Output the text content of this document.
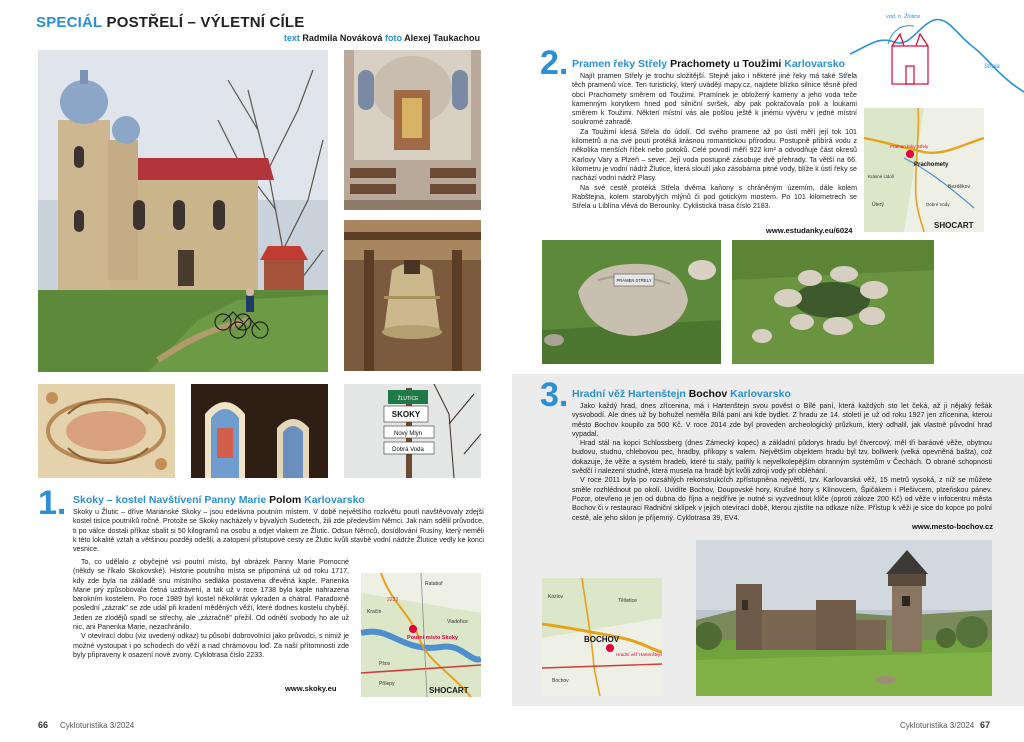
SPECIÁL POSTŘELÍ – VÝLETNÍ CÍLE
text Radmila Nováková foto Alexej Taukachou
SKOKY
Nový Mlýn
Dobrá Voda
ŽLUTICE
1. Skoky – kostel Navštívení Panny Marie Polom Karlovarsko

Skoky u Žlutic – dříve Mariánské Skoky – jsou edelávna poutním místem. V době největšího rozkvětu poutí navštěvovaly zdejší kostel tisíce poutníků ročně. Protože se Skoky nacházely v bývalých Sudetech, žili zde především Němci. Jak nám sdělil průvodce, ti po válce dostali příkaz sbalit si 50 kilogramů na osobu a odjet vlakem ze Žlutic. Odsun Němců, dosídlování Rusíny, který neměli k této lokalitě vztah a většinou později odešli, a zatopení přístupové cesty ze Žlutic kvůli stavbě vodní nádrže Žlutice vedly ke konci vesnice.

To, co udělalo z obyčejné vsi poutní místo, byl obrázek Panny Marie Pomocné (někdy se říkalo Skokovské). Historie poutního místa se připomíná už od roku 1717, kdy zde byla na základě snu místního sedláka postavena dřevěná kaple. Panenka Marie prý způsobovala četná uzdravení, a tak už v roce 1738 byla kaple nahrazena barokním kostelem. Po roce 1989 byl kostel několikrát vykraden a chátral. Paradoxně poslední „zázrak" se zde udál při kradení měděných věží, které dodnes kostelu chybějí. Jeden ze zlodějů spadl se střechy, ale „zázračně" přežil. Od odnětí svobody ho ale už nic, ani Panenka Marie, nezachránilo.

V otevírací dobu (viz uvedený odkaz) tu působí dobrovolníci jako průvodci, s nimiž je možné vystoupat i po schodech do věží a nad chrámovou loď. Za naší přítomnosti zde byly připraveny k osazení nové zvony. Cyklotrasa číslo 2233.

www.skoky.eu
Poutní místo Skoky
Vladořice
Pšov
Kračín
Rataboř
Přílepy
2233
SHOCART
66 Cykloturistika 3/2024
vod. n. Žlutice
Střela
2. Pramen řeky Střely Prachomety u Toužimi Karlovarsko

Najít pramen Střely je trochu složitější. Stejně jako i některé jiné řeky má také Střela těch pramenů více. Ten turistický, který uvádějí mapy.cz, najdete blízko silnice těsně před obcí Prachomety směrem od Toužimi. Pramínek je obložený kameny a jeho voda teče kamenným korytkem hned pod silniční svršek, aby pak pokračovala poli a loukami směrem k Toužimi. Některí místní vás ale pošlou ještě k jinému vývěru v jedné místní soukromé zahradě.

Za Toužimí klesá Střela do údolí. Od svého pramene až po ústí měří její tok 101 kilometrů a na své pouti protéká krásnou romantickou přírodou. Postupně přibírá vodu z několika menších říček nebo potoků. Celé povodí měří 922 km² a odvodňuje část okresů Karlovy Vary a Plzeň – sever. Její voda postupně zásobuje dvě přehrady. Ta větší na 66. kilometru je vodní nádrž Žlutice, která slouží jako zásobárna pitné vody, blíže k ústí řeky se nachází vodní nádrž Plasy.

Na své cestě protéká Střela dvěma kaňony s chráněným územím, dále kolem Rabštejna, kolem starobylých mlýnů či pod gotickým mostem. Po 101 kilometrech se Střela u Liblína vlévá do Berounky. Cyklistická trasa číslo 2183.

www.estudanky.eu/6024
Prachomety
Pramen řeky Střely
Bezděkov
Krásné Údolí
Úterý	Dobré Vody
SHOCART
PRAMEN STŘELY
3. Hradní věž Hartenštejn Bochov Karlovarsko

Jako každý hrad, dnes zřícenina, má i Hartenštejn svou pověst o Bílé paní, která každých sto let čeká, až ji nějaký fešák vysvobodí. Ale dnes už by bohužel neměla Bílá paní ani kde bydlet. Z hradu ze 14. století je už od roku 1927 jen zřícenina, kterou město Bochov koupilo za 500 Kč. V roce 2014 zde byl proveden archeologický průzkum, který odhalil, jak vlastně původní hrad vypadal.

Hrad stál na kopci Schlossberg (dnes Zámecký kopec) a základní půdorys hradu byl čtvercový, měl tři baráové věže, obytnou budovu, studnu, chlebovou pec, hradby, příkopy s valem. Největším objektem hradu byl tzv. bollwerk (velká opevněná bašta), což dokazuje, že věže a systém hradeb, které tu stály, patřily k nejvelkolepějším obranným systémům v Čechách. O obrané schopnosti svědčí i nalezení studně, která musela na hradě být kvůli zdroji vody při obléhání.

V roce 2011 byla po rozsáhlých rekonstrukcích zpřístupněna největší, tzv. Karlovarská věž, 15 metrů vysoká, z níž se můžete směle rozhlédnout po okolí. Uvidíte Bochov, Doupovské hory, Krušné hory s Klínovcem, Špičákem i Plešivcem, plzeňskou pánev. Pozor, otevřeno je jen od dubna do října a nejdříve je nutné si vyzvednout klíče (oproti záloze 200 Kč) od věže v infocentru města Bochov či v restauraci Radniční sklípek v jejich otevírací době, kterou zjistíte na odkaze níže. Přístup k věži je sice do kopce po polní cestě, ale jeho sklon je příjemný. Cyklotrasa 39, EV4.

www.mesto-bochov.cz
BOCHOV
Hradní věž Hartenštejn
Kozlov
Těšetice
Bochov
Cykloturistika 3/2024 67
